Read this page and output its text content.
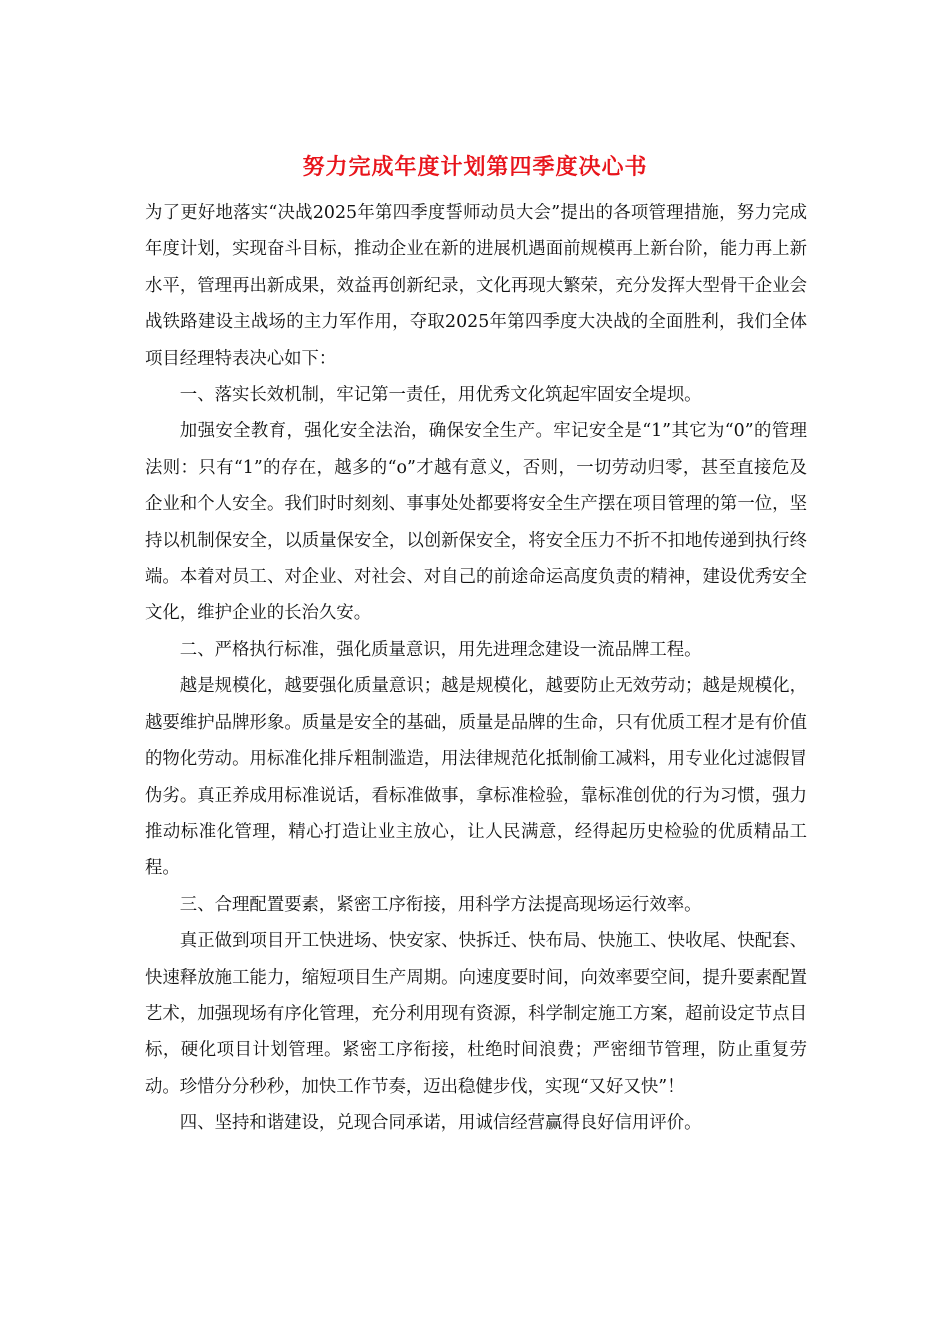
努力完成年度计划第四季度决心书

为了更好地落实“决战2025年第四季度誓师动员大会”提出的各项管理措施，努力完成年度计划，实现奋斗目标，推动企业在新的进展机遇面前规模再上新台阶，能力再上新水平，管理再出新成果，效益再创新纪录，文化再现大繁荣，充分发挥大型骨干企业会战铁路建设主战场的主力军作用，夺取2025年第四季度大决战的全面胜利，我们全体项目经理特表决心如下：

一、落实长效机制，牢记第一责任，用优秀文化筑起牢固安全堤坝。

加强安全教育，强化安全法治，确保安全生产。牢记安全是“1”其它为“0”的管理法则：只有“1”的存在，越多的“o”才越有意义，否则，一切劳动归零，甚至直接危及企业和个人安全。我们时时刻刻、事事处处都要将安全生产摆在项目管理的第一位，坚持以机制保安全，以质量保安全，以创新保安全，将安全压力不折不扣地传递到执行终端。本着对员工、对企业、对社会、对自己的前途命运高度负责的精神，建设优秀安全文化，维护企业的长治久安。

二、严格执行标准，强化质量意识，用先进理念建设一流品牌工程。

越是规模化，越要强化质量意识；越是规模化，越要防止无效劳动；越是规模化，越要维护品牌形象。质量是安全的基础，质量是品牌的生命，只有优质工程才是有价值的物化劳动。用标准化排斥粗制滥造，用法律规范化抵制偷工减料，用专业化过滤假冒伪劣。真正养成用标准说话，看标准做事，拿标准检验，靠标准创优的行为习惯，强力推动标准化管理，精心打造让业主放心，让人民满意，经得起历史检验的优质精品工程。

三、合理配置要素，紧密工序衔接，用科学方法提高现场运行效率。

真正做到项目开工快进场、快安家、快拆迁、快布局、快施工、快收尾、快配套、快速释放施工能力，缩短项目生产周期。向速度要时间，向效率要空间，提升要素配置艺术，加强现场有序化管理，充分利用现有资源，科学制定施工方案，超前设定节点目标，硬化项目计划管理。紧密工序衔接，杜绝时间浪费；严密细节管理，防止重复劳动。珍惜分分秒秒，加快工作节奏，迈出稳健步伐，实现“又好又快”！

四、坚持和谐建设，兑现合同承诺，用诚信经营赢得良好信用评价。
